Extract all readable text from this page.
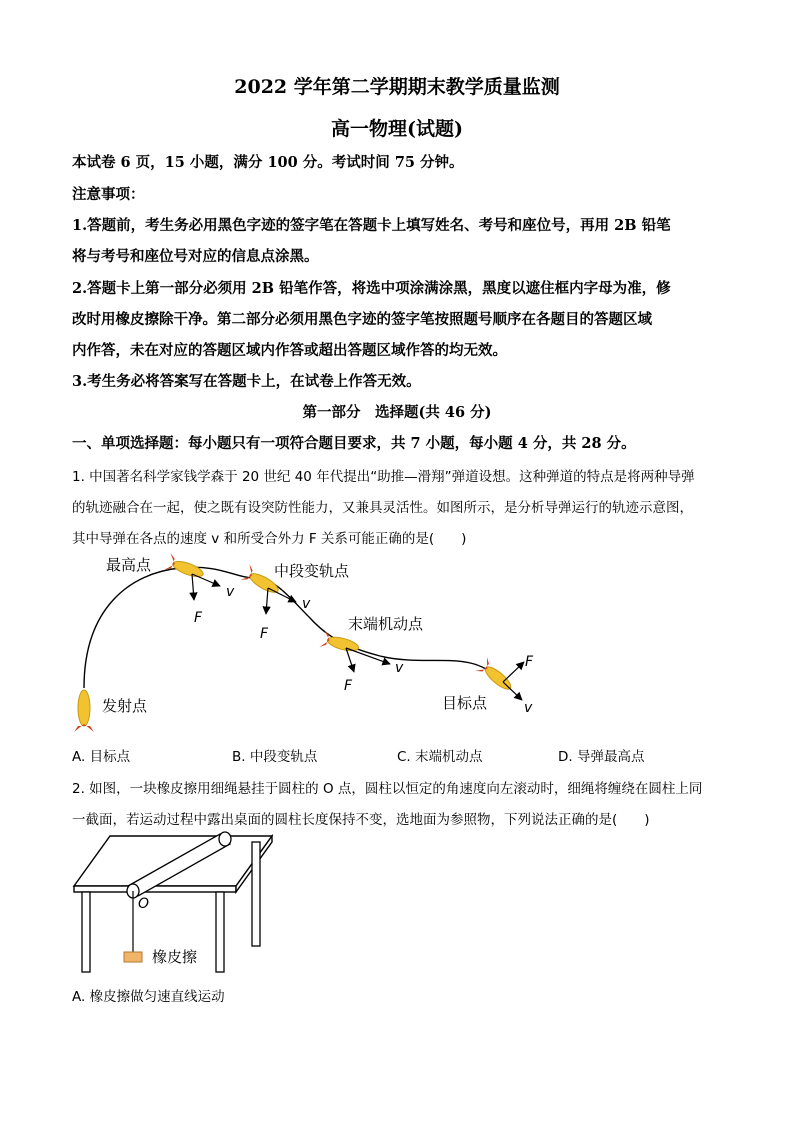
2022 学年第二学期期末教学质量监测
高一物理(试题)
本试卷 6 页，15 小题，满分 100 分。考试时间 75 分钟。
注意事项：
1.答题前，考生务必用黑色字迹的签字笔在答题卡上填写姓名、考号和座位号，再用 2B 铅笔
将与考号和座位号对应的信息点涂黑。
2.答题卡上第一部分必须用 2B 铅笔作答，将选中项涂满涂黑，黑度以遮住框内字母为准，修
改时用橡皮擦除干净。第二部分必须用黑色字迹的签字笔按照题号顺序在各题目的答题区域
内作答，未在对应的答题区域内作答或超出答题区域作答的均无效。
3.考生务必将答案写在答题卡上，在试卷上作答无效。
第一部分　选择题(共 46 分)
一、单项选择题：每小题只有一项符合题目要求，共 7 小题，每小题 4 分，共 28 分。
1. 中国著名科学家钱学森于 20 世纪 40 年代提出“助推—滑翔”弹道设想。这种弹道的特点是将两种导弹
的轨迹融合在一起，使之既有设突防性能力，又兼具灵活性。如图所示，是分析导弹运行的轨迹示意图，
其中导弹在各点的速度 v 和所受合外力 F 关系可能正确的是(　　)
最高点	中段变轨点
末端机动点
目标点
发射点
v
F
v
F
v
F
F
v
A. 目标点	B. 中段变轨点	C. 末端机动点	D. 导弹最高点
2. 如图，一块橡皮擦用细绳悬挂于圆柱的 O 点，圆柱以恒定的角速度向左滚动时，细绳将缠绕在圆柱上同
一截面，若运动过程中露出桌面的圆柱长度保持不变，选地面为参照物，下列说法正确的是(　　)
O
橡皮擦
A. 橡皮擦做匀速直线运动
